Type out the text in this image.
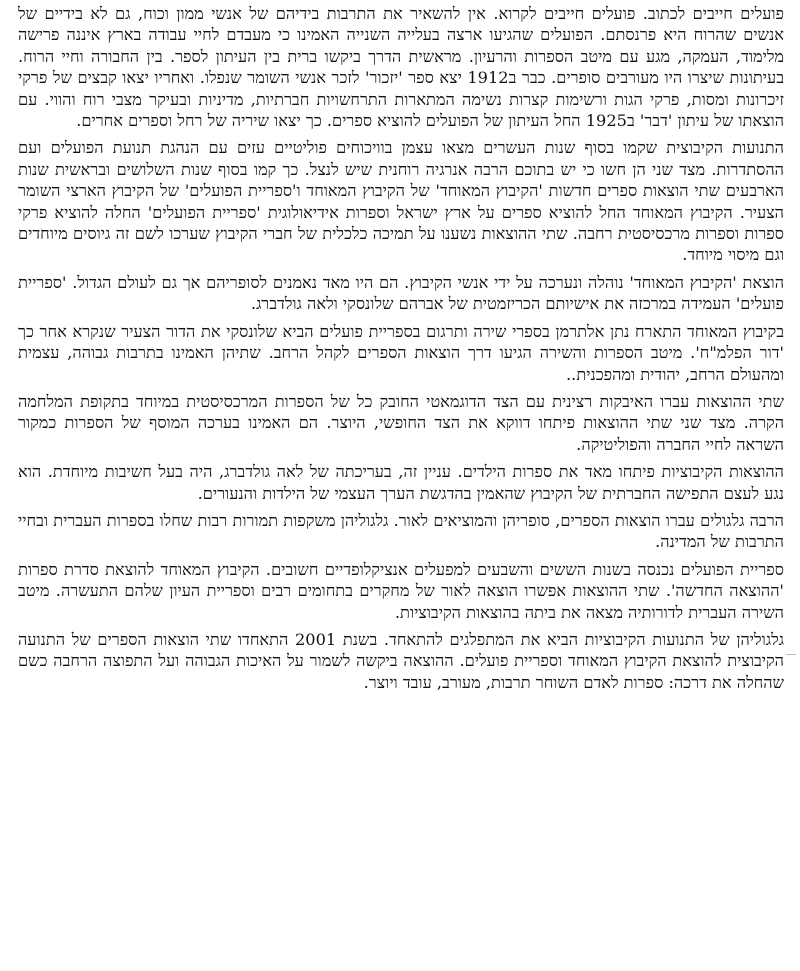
פועלים חייבים לכתוב. פועלים חייבים לקרוא. אין להשאיר את התרבות בידיהם של אנשי ממון וכוח, גם לא בידיים של אנשים שהרוח היא פרנסתם. הפועלים שהגיעו ארצה בעלייה השנייה האמינו כי מעבדם לחיי עבודה בארץ איננה פרישה מלימוד, העמקה, מגע עם מיטב הספרות והרעיון. מראשית הדרך ביקשו ברית בין העיתון לספר. בין החבורה וחיי הרוח. בעיתונות שיצרו היו מעורבים סופרים. כבר ב1912 יצא ספר 'יזכור' לזכר אנשי השומר שנפלו. ואחריו יצאו קבצים של פרקי זיכרונות ומסות, פרקי הגות ורשימות קצרות נשימה המתארות התרחשויות חברתיות, מדיניות ובעיקר מצבי רוח והווי. עם הוצאתו של עיתון 'דבר' ב1925 החל העיתון של הפועלים להוציא ספרים. כך יצאו שיריה של רחל וספרים אחרים.

התנועות הקיבוצית שקמו בסוף שנות העשרים מצאו עצמן בוויכוחים פוליטיים עזים עם הנהגת תנועת הפועלים ועם ההסתדרות. מצד שני הן חשו כי יש בתוכם הרבה אנרגיה רוחנית שיש לנצל. כך קמו בסוף שנות השלושים ובראשית שנות הארבעים שתי הוצאות ספרים חדשות 'הקיבוץ המאוחד' של הקיבוץ המאוחד ו'ספריית הפועלים' של הקיבוץ הארצי השומר הצעיר. הקיבוץ המאוחד החל להוציא ספרים על ארץ ישראל וספרות אידיאולוגית 'ספריית הפועלים' החלה להוציא פרקי ספרות וספרות מרכסיסטית רחבה. שתי ההוצאות נשענו על תמיכה כלכלית של חברי הקיבוץ שערכו לשם זה גיוסים מיוחדים וגם מיסוי מיוחד.

הוצאת 'הקיבוץ המאוחד' נוהלה ונערכה על ידי אנשי הקיבוץ. הם היו מאד נאמנים לסופריהם אך גם לעולם הגדול. 'ספריית פועלים' העמידה במרכזה את אישיותם הכריזמטית של אברהם שלונסקי ולאה גולדברג.

בקיבוץ המאוחד התארח נתן אלתרמן בספרי שירה ותרגום בספריית פועלים הביא שלונסקי את הדור הצעיר שנקרא אחר כך 'דור הפלמ"ח'. מיטב הספרות והשירה הגיעו דרך הוצאות הספרים לקהל הרחב. שתיהן האמינו בתרבות גבוהה, עצמית ומהעולם הרחב, יהודית ומהפכנית..

שתי ההוצאות עברו האיבקות רצינית עם הצד הדוגמאטי החובק כל של הספרות המרכסיסטית במיוחד בתקופת המלחמה הקרה. מצד שני שתי ההוצאות פיתחו דווקא את הצד החופשי, היוצר. הם האמינו בערכה המוסף של הספרות כמקור השראה לחיי החברה והפוליטיקה.

ההוצאות הקיבוציות פיתחו מאד את ספרות הילדים. עניין זה, בעריכתה של לאה גולדברג, היה בעל חשיבות מיוחדת. הוא נגע לעצם התפישה החברתית של הקיבוץ שהאמין בהדגשת הערך העצמי של הילדות והנעורים.

הרבה גלגולים עברו הוצאות הספרים, סופריהן והמוציאים לאור. גלגוליהן משקפות תמורות רבות שחלו בספרות העברית ובחיי התרבות של המדינה.

ספריית הפועלים נכנסה בשנות הששים והשבעים למפעלים אנציקלופדיים חשובים. הקיבוץ המאוחד להוצאת סדרת ספרות 'ההוצאה החדשה'. שתי ההוצאות אפשרו הוצאה לאור של מחקרים בתחומים רבים וספריית העיון שלהם התעשרה. מיטב השירה העברית לדורותיה מצאה את ביתה בהוצאות הקיבוציות.

גלגוליהן של התנועות הקיבוציות הביא את המתפלגים להתאחד. בשנת 2001 התאחדו שתי הוצאות הספרים של התנועה הקיבוצית להוצאת הקיבוץ המאוחד וספריית פועלים. ההוצאה ביקשה לשמור על האיכות הגבוהה ועל התפוצה הרחבה כשם שהחלה את דרכה: ספרות לאדם השוחר תרבות, מעורב, עובד ויוצר.
